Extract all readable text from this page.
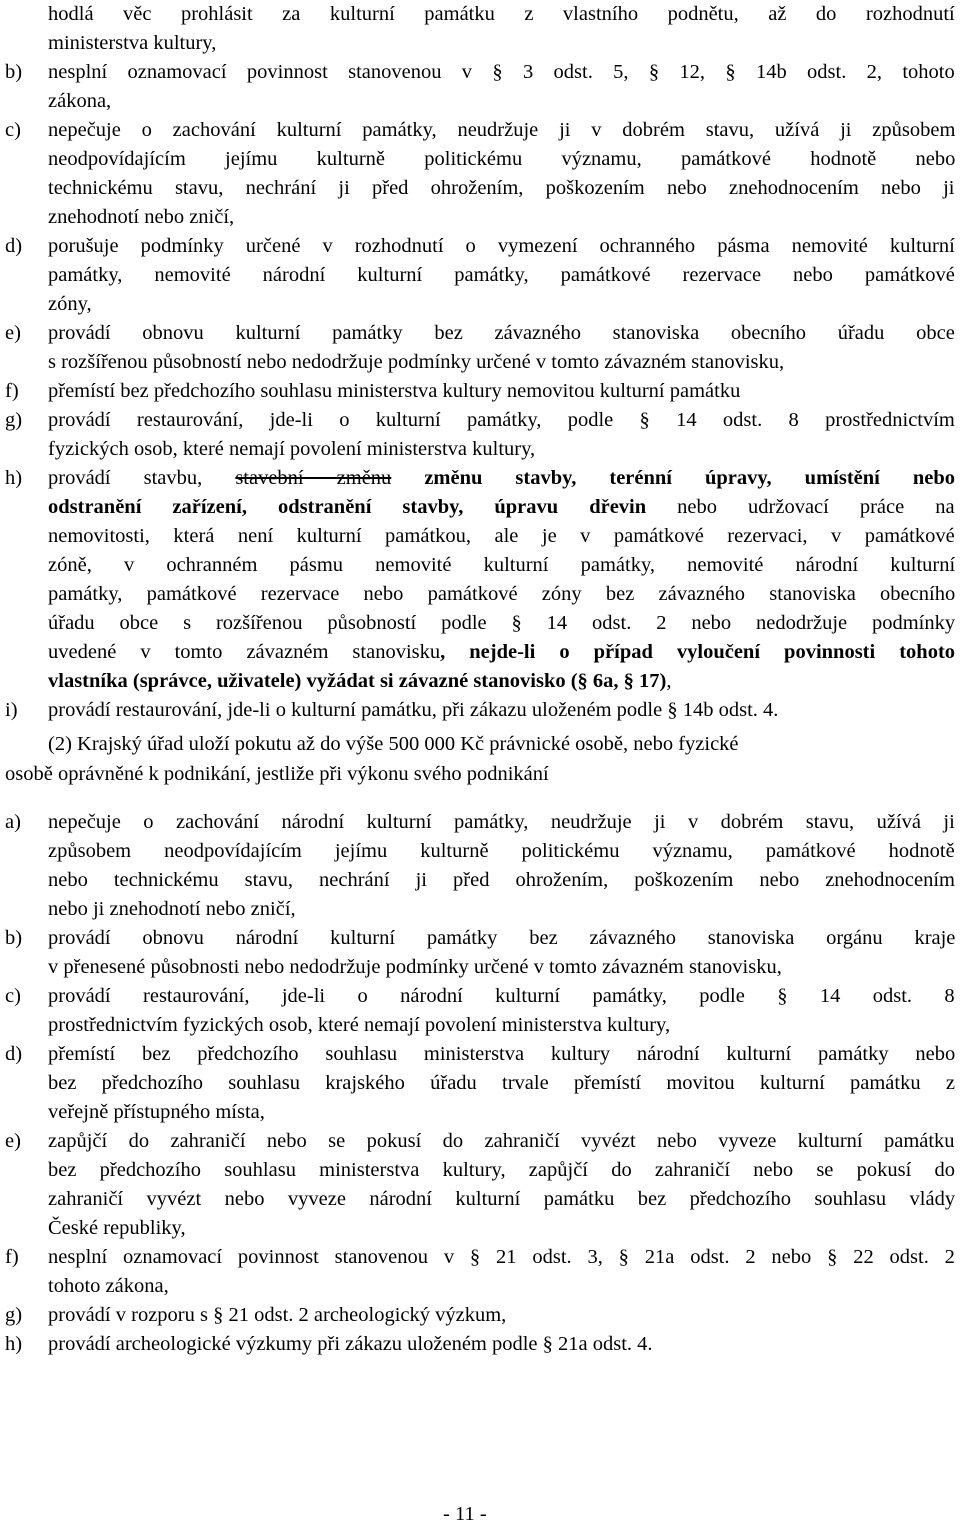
hodlá věc prohlásit za kulturní památku z vlastního podnětu, až do rozhodnutí
ministerstva kultury,
b) nesplní oznamovací povinnost stanovenou v § 3 odst. 5, § 12, § 14b odst. 2, tohoto
zákona,
c) nepečuje o zachování kulturní památky, neudržuje ji v dobrém stavu, užívá ji způsobem
neodpovídajícím jejímu kulturně politickému významu, památkové hodnotě nebo
technickému stavu, nechrání ji před ohrožením, poškozením nebo znehodnocením nebo ji
znehodnotí nebo zničí,
d) porušuje podmínky určené v rozhodnutí o vymezení ochranného pásma nemovité kulturní
památky, nemovité národní kulturní památky, památkové rezervace nebo památkové
zóny,
e) provádí obnovu kulturní památky bez závazného stanoviska obecního úřadu obce
s rozšířenou působností nebo nedodržuje podmínky určené v tomto závazném stanovisku,
f) přemístí bez předchozího souhlasu ministerstva kultury nemovitou kulturní památku
g) provádí restaurování, jde-li o kulturní památky, podle § 14 odst. 8 prostřednictvím
fyzických osob, které nemají povolení ministerstva kultury,
h) provádí stavbu, stavební změnu změnu stavby, terénní úpravy, umístění nebo
odstranění zařízení, odstranění stavby, úpravu dřevin nebo udržovací práce na
nemovitosti, která není kulturní památkou, ale je v památkové rezervaci, v památkové
zóně, v ochranném pásmu nemovité kulturní památky, nemovité národní kulturní
památky, památkové rezervace nebo památkové zóny bez závazného stanoviska obecního
úřadu obce s rozšířenou působností podle § 14 odst. 2 nebo nedodržuje podmínky
uvedené v tomto závazném stanovisku, nejde-li o případ vyloučení povinnosti tohoto
vlastníka (správce, uživatele) vyžádat si závazné stanovisko (§ 6a, § 17),
i) provádí restaurování, jde-li o kulturní památku, při zákazu uloženém podle § 14b odst. 4.
(2) Krajský úřad uloží pokutu až do výše 500 000 Kč právnické osobě, nebo fyzické
osobě oprávněné k podnikání, jestliže při výkonu svého podnikání
a) nepečuje o zachování národní kulturní památky, neudržuje ji v dobrém stavu, užívá ji
způsobem neodpovídajícím jejímu kulturně politickému významu, památkové hodnotě
nebo technickému stavu, nechrání ji před ohrožením, poškozením nebo znehodnocením
nebo ji znehodnotí nebo zničí,
b) provádí obnovu národní kulturní památky bez závazného stanoviska orgánu kraje
v přenesené působnosti nebo nedodržuje podmínky určené v tomto závazném stanovisku,
c) provádí restaurování, jde-li o národní kulturní památky, podle § 14 odst. 8
prostřednictvím fyzických osob, které nemají povolení ministerstva kultury,
d) přemístí bez předchozího souhlasu ministerstva kultury národní kulturní památky nebo
bez předchozího souhlasu krajského úřadu trvale přemístí movitou kulturní památku z
veřejně přístupného místa,
e) zapůjčí do zahraničí nebo se pokusí do zahraničí vyvézt nebo vyveze kulturní památku
bez předchozího souhlasu ministerstva kultury, zapůjčí do zahraničí nebo se pokusí do
zahraničí vyvézt nebo vyveze národní kulturní památku bez předchozího souhlasu vlády
České republiky,
f) nesplní oznamovací povinnost stanovenou v § 21 odst. 3, § 21a odst. 2 nebo § 22 odst. 2
tohoto zákona,
g) provádí v rozporu s § 21 odst. 2 archeologický výzkum,
h) provádí archeologické výzkumy při zákazu uloženém podle § 21a odst. 4.
- 11 -
